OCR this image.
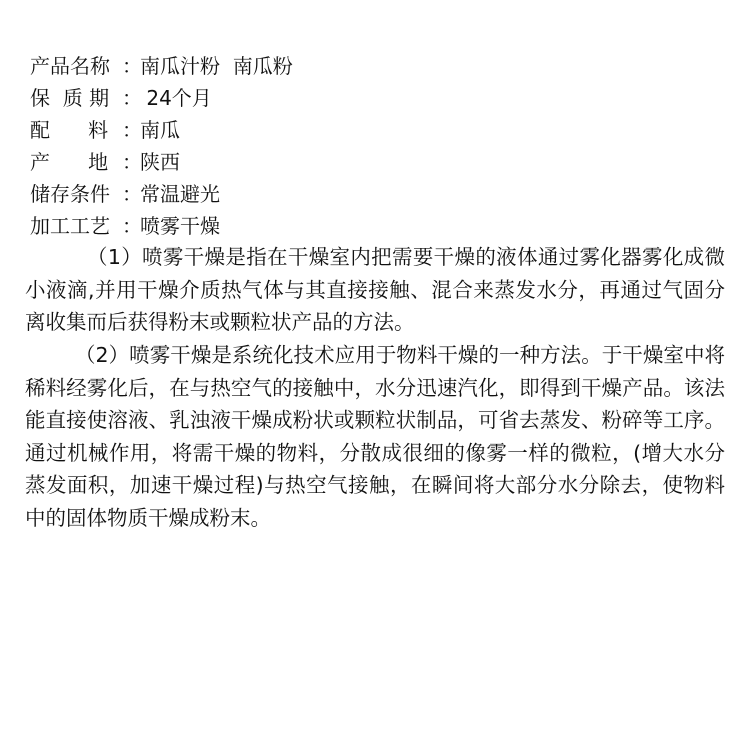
产品名称 ：
南瓜汁粉  南瓜粉
保  质 期 ：
24个月
配      料 ：
南瓜
产      地 ：
陕西
储存条件 ：
常温避光
加工工艺 ：
喷雾干燥

（1）喷雾干燥是指在干燥室内把需要干燥的液体通过雾化器雾化成微小液滴,并用干燥介质热气体与其直接接触、混合来蒸发水分，再通过气固分离收集而后获得粉末或颗粒状产品的方法。

（2）喷雾干燥是系统化技术应用于物料干燥的一种方法。于干燥室中将稀料经雾化后，在与热空气的接触中，水分迅速汽化，即得到干燥产品。该法能直接使溶液、乳浊液干燥成粉状或颗粒状制品，可省去蒸发、粉碎等工序。通过机械作用，将需干燥的物料，分散成很细的像雾一样的微粒，(增大水分蒸发面积，加速干燥过程)与热空气接触，在瞬间将大部分水分除去，使物料中的固体物质干燥成粉末。
